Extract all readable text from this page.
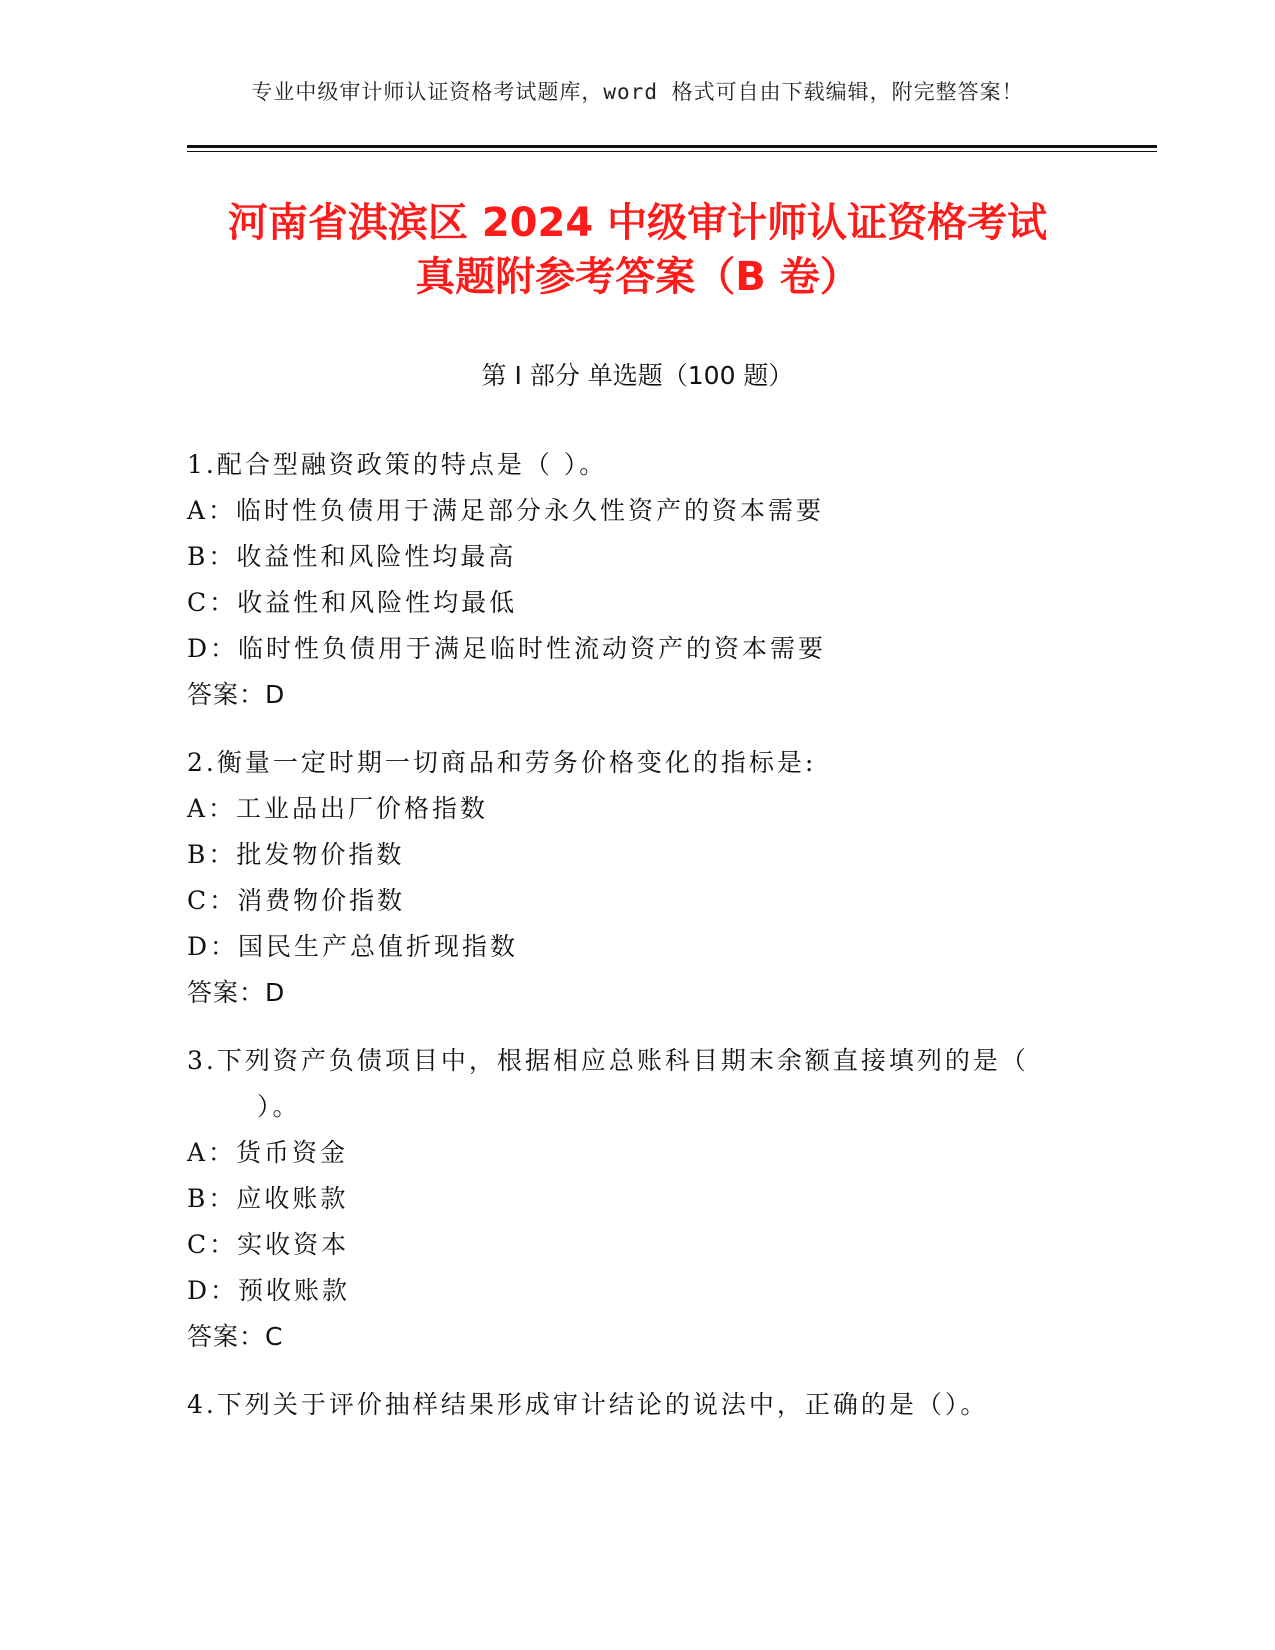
专业中级审计师认证资格考试题库，word 格式可自由下载编辑，附完整答案！
河南省淇滨区 2024 中级审计师认证资格考试
真题附参考答案（B 卷）
第 I 部分 单选题（100 题）
1.配合型融资政策的特点是（ ）。
A：临时性负债用于满足部分永久性资产的资本需要
B：收益性和风险性均最高
C：收益性和风险性均最低
D：临时性负债用于满足临时性流动资产的资本需要
答案：D
2.衡量一定时期一切商品和劳务价格变化的指标是:
A：工业品出厂价格指数
B：批发物价指数
C：消费物价指数
D：国民生产总值折现指数
答案：D
3.下列资产负债项目中，根据相应总账科目期末余额直接填列的是（
）。
A：货币资金
B：应收账款
C：实收资本
D：预收账款
答案：C
4.下列关于评价抽样结果形成审计结论的说法中，正确的是（）。
